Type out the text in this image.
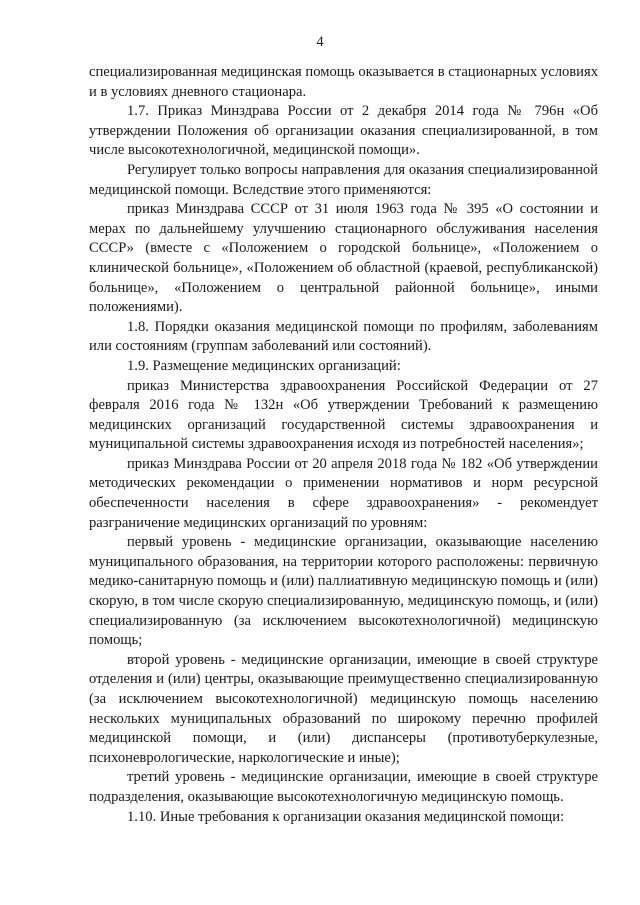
4

специализированная медицинская помощь оказывается в стационарных условиях и в условиях дневного стационара.

1.7. Приказ Минздрава России от 2 декабря 2014 года № 796н «Об утверждении Положения об организации оказания специализированной, в том числе высокотехнологичной, медицинской помощи».

Регулирует только вопросы направления для оказания специализированной медицинской помощи. Вследствие этого применяются:

приказ Минздрава СССР от 31 июля 1963 года № 395 «О состоянии и мерах по дальнейшему улучшению стационарного обслуживания населения СССР» (вместе с «Положением о городской больнице», «Положением о клинической больнице», «Положением об областной (краевой, республиканской) больнице», «Положением о центральной районной больнице», иными положениями).

1.8. Порядки оказания медицинской помощи по профилям, заболеваниям или состояниям (группам заболеваний или состояний).

1.9. Размещение медицинских организаций:

приказ Министерства здравоохранения Российской Федерации от 27 февраля 2016 года № 132н «Об утверждении Требований к размещению медицинских организаций государственной системы здравоохранения и муниципальной системы здравоохранения исходя из потребностей населения»;

приказ Минздрава России от 20 апреля 2018 года № 182 «Об утверждении методических рекомендации о применении нормативов и норм ресурсной обеспеченности населения в сфере здравоохранения» - рекомендует разграничение медицинских организаций по уровням:

первый уровень - медицинские организации, оказывающие населению муниципального образования, на территории которого расположены: первичную медико-санитарную помощь и (или) паллиативную медицинскую помощь и (или) скорую, в том числе скорую специализированную, медицинскую помощь, и (или) специализированную (за исключением высокотехнологичной) медицинскую помощь;

второй уровень - медицинские организации, имеющие в своей структуре отделения и (или) центры, оказывающие преимущественно специализированную (за исключением высокотехнологичной) медицинскую помощь населению нескольких муниципальных образований по широкому перечню профилей медицинской помощи, и (или) диспансеры (противотуберкулезные, психоневрологические, наркологические и иные);

третий уровень - медицинские организации, имеющие в своей структуре подразделения, оказывающие высокотехнологичную медицинскую помощь.

1.10. Иные требования к организации оказания медицинской помощи:
